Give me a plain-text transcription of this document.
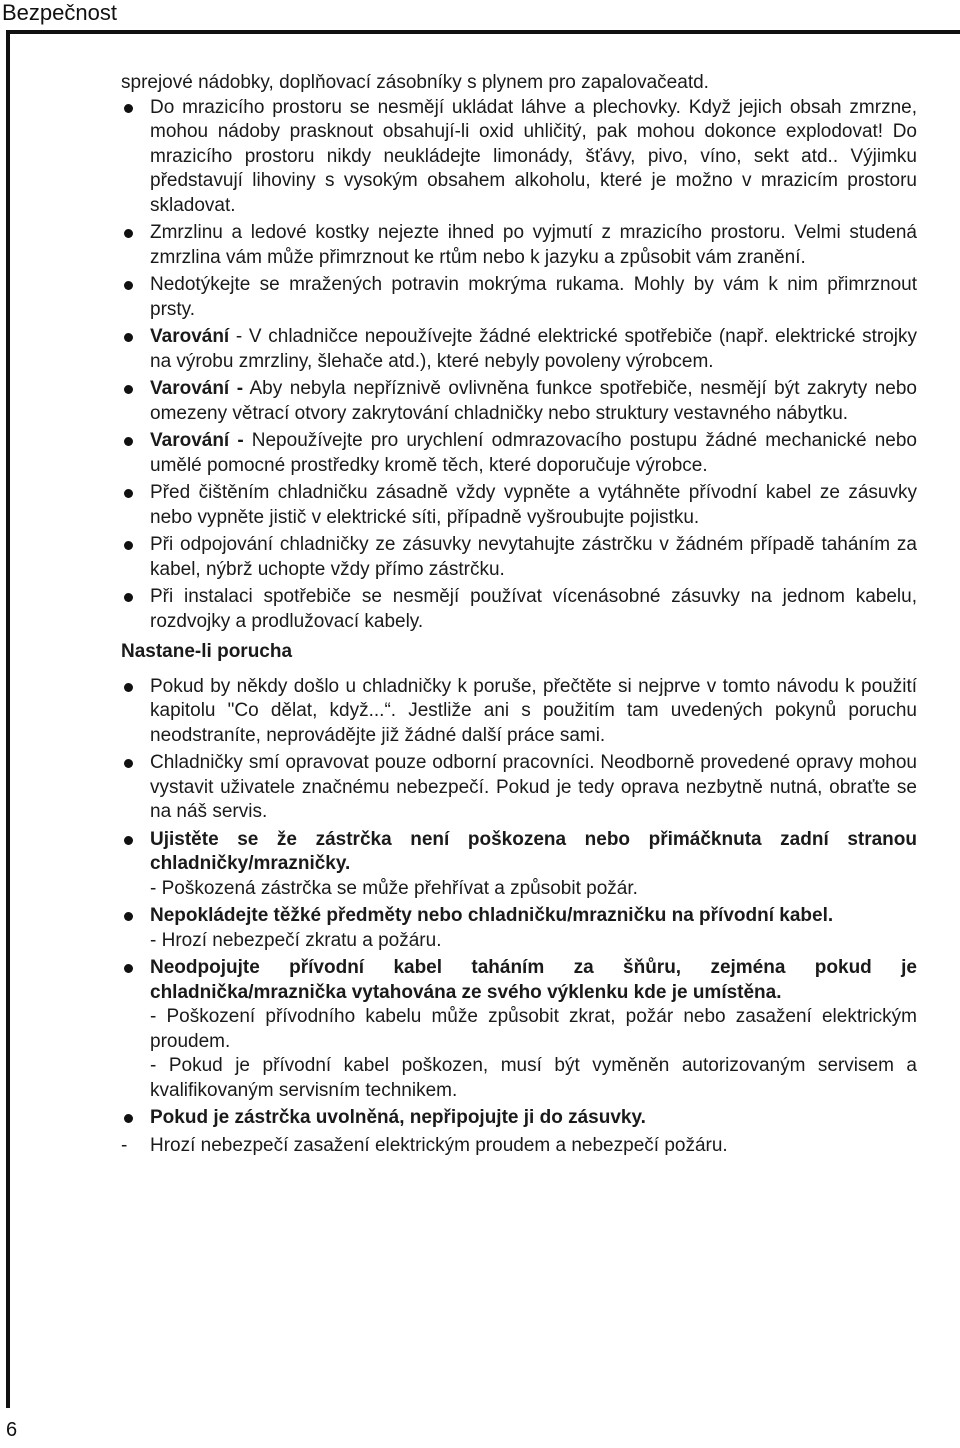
Bezpečnost

sprejové nádobky, doplňovací zásobníky s plynem pro zapalovačeatd.

Do mrazicího prostoru se nesmějí ukládat láhve a plechovky. Když jejich obsah zmrzne, mohou nádoby prasknout obsahují-li oxid uhličitý, pak mohou dokonce explodovat! Do mrazicího prostoru nikdy neukládejte limonády, šťávy, pivo, víno, sekt atd.. Výjimku představují lihoviny s vysokým obsahem alkoholu, které je možno v mrazicím prostoru skladovat.
Zmrzlinu a ledové kostky nejezte ihned po vyjmutí z mrazicího prostoru. Velmi studená zmrzlina vám může přimrznout ke rtům nebo k jazyku a způsobit vám zranění.
Nedotýkejte se mražených potravin mokrýma rukama. Mohly by vám k nim přimrznout prsty.
Varování - V chladničce nepoužívejte žádné elektrické spotřebiče (např. elektrické strojky na výrobu zmrzliny, šlehače atd.), které nebyly povoleny výrobcem.
Varování - Aby nebyla nepříznivě ovlivněna funkce spotřebiče, nesmějí být zakryty nebo omezeny větrací otvory zakrytování chladničky nebo struktury vestavného nábytku.
Varování - Nepoužívejte pro urychlení odmrazovacího postupu žádné mechanické nebo umělé pomocné prostředky kromě těch, které doporučuje výrobce.
Před čištěním chladničku zásadně vždy vypněte a vytáhněte přívodní kabel ze zásuvky nebo vypněte jistič v elektrické síti, případně vyšroubujte pojistku.
Při odpojování chladničky ze zásuvky nevytahujte zástrčku v žádném případě taháním za kabel, nýbrž uchopte vždy přímo zástrčku.
Při instalaci spotřebiče se nesmějí používat vícenásobné zásuvky na jednom kabelu, rozdvojky a prodlužovací kabely.
Nastane-li porucha
Pokud by někdy došlo u chladničky k poruše, přečtěte si nejprve v tomto návodu k použití kapitolu "Co dělat, když...“. Jestliže ani s použitím tam uvedených pokynů poruchu neodstraníte, neprovádějte již žádné další práce sami.
Chladničky smí opravovat pouze odborní pracovníci. Neodborně provedené opravy mohou vystavit uživatele značnému nebezpečí. Pokud je tedy oprava nezbytně nutná, obraťte se na náš servis.
Ujistěte se že zástrčka není poškozena nebo přimáčknuta zadní stranou chladničky/mrazničky.
- Poškozená zástrčka se může přehřívat a způsobit požár.
Nepokládejte těžké předměty nebo chladničku/mrazničku na přívodní kabel.
- Hrozí nebezpečí zkratu a požáru.
Neodpojujte přívodní kabel taháním za šňůru, zejména pokud je chladnička/mraznička vytahována ze svého výklenku kde je umístěna.
- Poškození přívodního kabelu může způsobit zkrat, požár nebo zasažení elektrickým proudem.
- Pokud je přívodní kabel poškozen, musí být vyměněn autorizovaným servisem a kvalifikovaným servisním technikem.
Pokud je zástrčka uvolněná, nepřipojujte ji do zásuvky.
- Hrozí nebezpečí zasažení elektrickým proudem a nebezpečí požáru.
6
